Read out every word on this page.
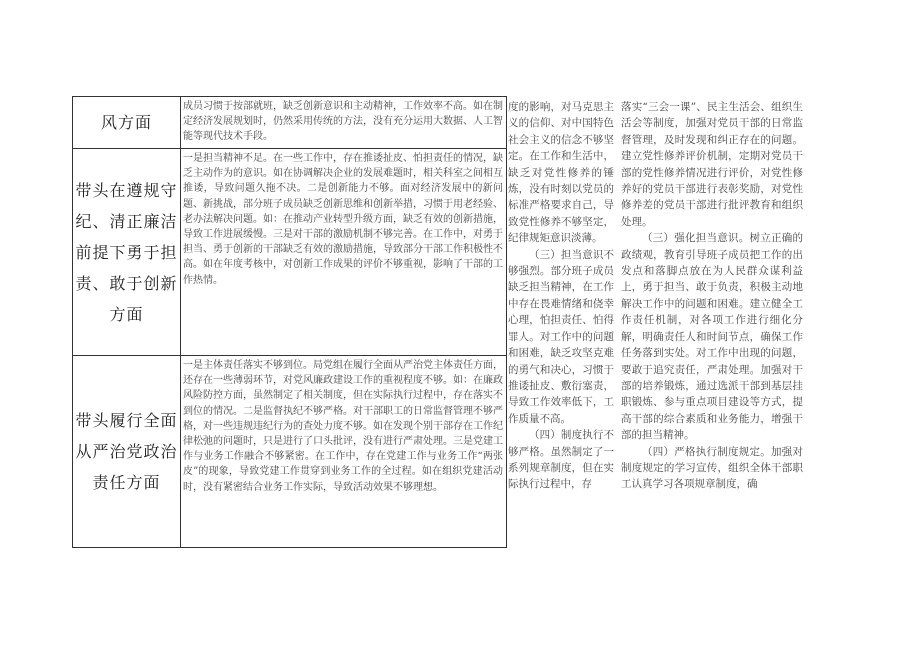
风方面	成员习惯于按部就班，缺乏创新意识和主动精神，工作效率不高。如在制定经济发展规划时，仍然采用传统的方法，没有充分运用大数据、人工智能等现代技术手段。

带头在遵规守纪、清正廉洁前提下勇于担责、敢于创新方面	一是担当精神不足。在一些工作中，存在推诿扯皮、怕担责任的情况，缺乏主动作为的意识。如在协调解决企业的发展难题时，相关科室之间相互推诿，导致问题久拖不决。二是创新能力不够。面对经济发展中的新问题、新挑战，部分班子成员缺乏创新思维和创新举措，习惯于用老经验、老办法解决问题。如：在推动产业转型升级方面，缺乏有效的创新措施，导致工作进展缓慢。三是对干部的激励机制不够完善。在工作中，对勇于担当、勇于创新的干部缺乏有效的激励措施，导致部分干部工作积极性不高。如在年度考核中，对创新工作成果的评价不够重视，影响了干部的工作热情。

带头履行全面从严治党政治责任方面	一是主体责任落实不够到位。局党组在履行全面从严治党主体责任方面，还存在一些薄弱环节，对党风廉政建设工作的重视程度不够。如：在廉政风险防控方面，虽然制定了相关制度，但在实际执行过程中，存在落实不到位的情况。二是监督执纪不够严格。对干部职工的日常监督管理不够严格，对一些违规违纪行为的查处力度不够。如在发现个别干部存在工作纪律松弛的问题时，只是进行了口头批评，没有进行严肃处理。三是党建工作与业务工作融合不够紧密。在工作中，存在党建工作与业务工作“两张皮”的现象，导致党建工作贯穿到业务工作的全过程。如在组织党建活动时，没有紧密结合业务工作实际，导致活动效果不够理想。

度的影响，对马克思主义的信仰、对中国特色社会主义的信念不够坚定。在工作和生活中，缺乏对党性修养的锤炼，没有时刻以党员的标准严格要求自己，导致党性修养不够坚定，纪律规矩意识淡薄。

（三）担当意识不够强烈。部分班子成员缺乏担当精神，在工作中存在畏难情绪和侥幸心理，怕担责任、怕得罪人。对工作中的问题和困难，缺乏攻坚克难的勇气和决心，习惯于推诿扯皮、敷衍塞责，导致工作效率低下，工作质量不高。

（四）制度执行不够严格。虽然制定了一系列规章制度，但在实际执行过程中，存

落实“三会一课”、民主生活会、组织生活会等制度，加强对党员干部的日常监督管理，及时发现和纠正存在的问题。建立党性修养评价机制，定期对党员干部的党性修养情况进行评价，对党性修养好的党员干部进行表彰奖励，对党性修养差的党员干部进行批评教育和组织处理。

（三）强化担当意识。树立正确的政绩观，教育引导班子成员把工作的出发点和落脚点放在为人民群众谋利益上，勇于担当、敢于负责，积极主动地解决工作中的问题和困难。建立健全工作责任机制，对各项工作进行细化分解，明确责任人和时间节点，确保工作任务落到实处。对工作中出现的问题，要敢于追究责任，严肃处理。加强对干部的培养锻炼，通过选派干部到基层挂职锻炼、参与重点项目建设等方式，提高干部的综合素质和业务能力，增强干部的担当精神。

（四）严格执行制度规定。加强对制度规定的学习宣传，组织全体干部职工认真学习各项规章制度，确
